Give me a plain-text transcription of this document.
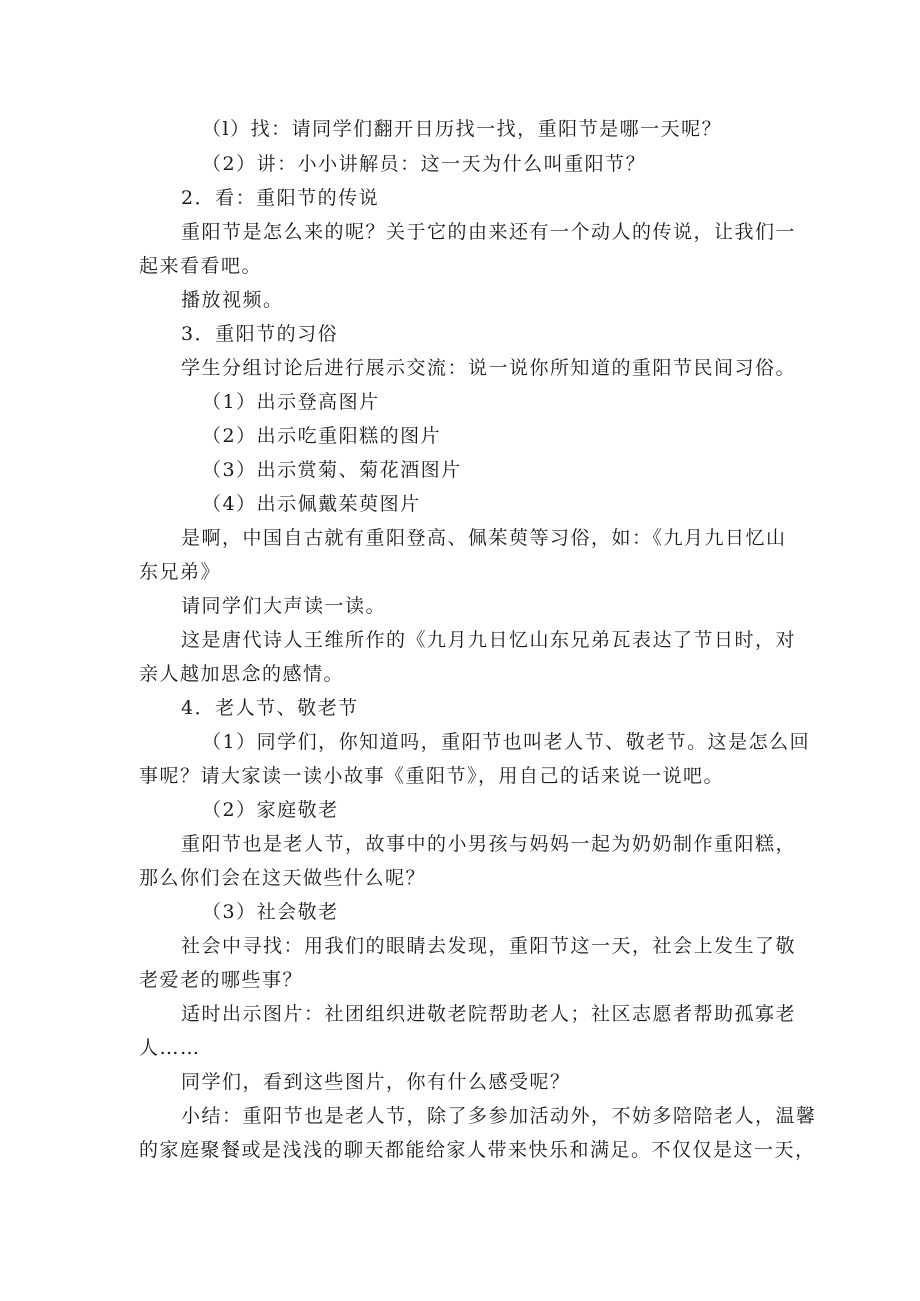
（l）找：请同学们翻开日历找一找，重阳节是哪一天呢？
（2）讲：小小讲解员：这一天为什么叫重阳节？
2．看：重阳节的传说
重阳节是怎么来的呢？关于它的由来还有一个动人的传说，让我们一
起来看看吧。
播放视频。
3．重阳节的习俗
学生分组讨论后进行展示交流：说一说你所知道的重阳节民间习俗。
（1）出示登高图片
（2）出示吃重阳糕的图片
（3）出示赏菊、菊花酒图片
（4）出示佩戴茱萸图片
是啊，中国自古就有重阳登高、佩茱萸等习俗，如：《九月九日忆山
东兄弟》
请同学们大声读一读。
这是唐代诗人王维所作的《九月九日忆山东兄弟瓦表达了节日时，对
亲人越加思念的感情。
4．老人节、敬老节
（1）同学们，你知道吗，重阳节也叫老人节、敬老节。这是怎么回
事呢？请大家读一读小故事《重阳节》，用自己的话来说一说吧。
（2）家庭敬老
重阳节也是老人节，故事中的小男孩与妈妈一起为奶奶制作重阳糕，
那么你们会在这天做些什么呢？
（3）社会敬老
社会中寻找：用我们的眼睛去发现，重阳节这一天，社会上发生了敬
老爱老的哪些事？
适时出示图片：社团组织进敬老院帮助老人；社区志愿者帮助孤寡老
人……
同学们，看到这些图片，你有什么感受呢？
小结：重阳节也是老人节，除了多参加活动外，不妨多陪陪老人，温馨
的家庭聚餐或是浅浅的聊天都能给家人带来快乐和满足。不仅仅是这一天，
